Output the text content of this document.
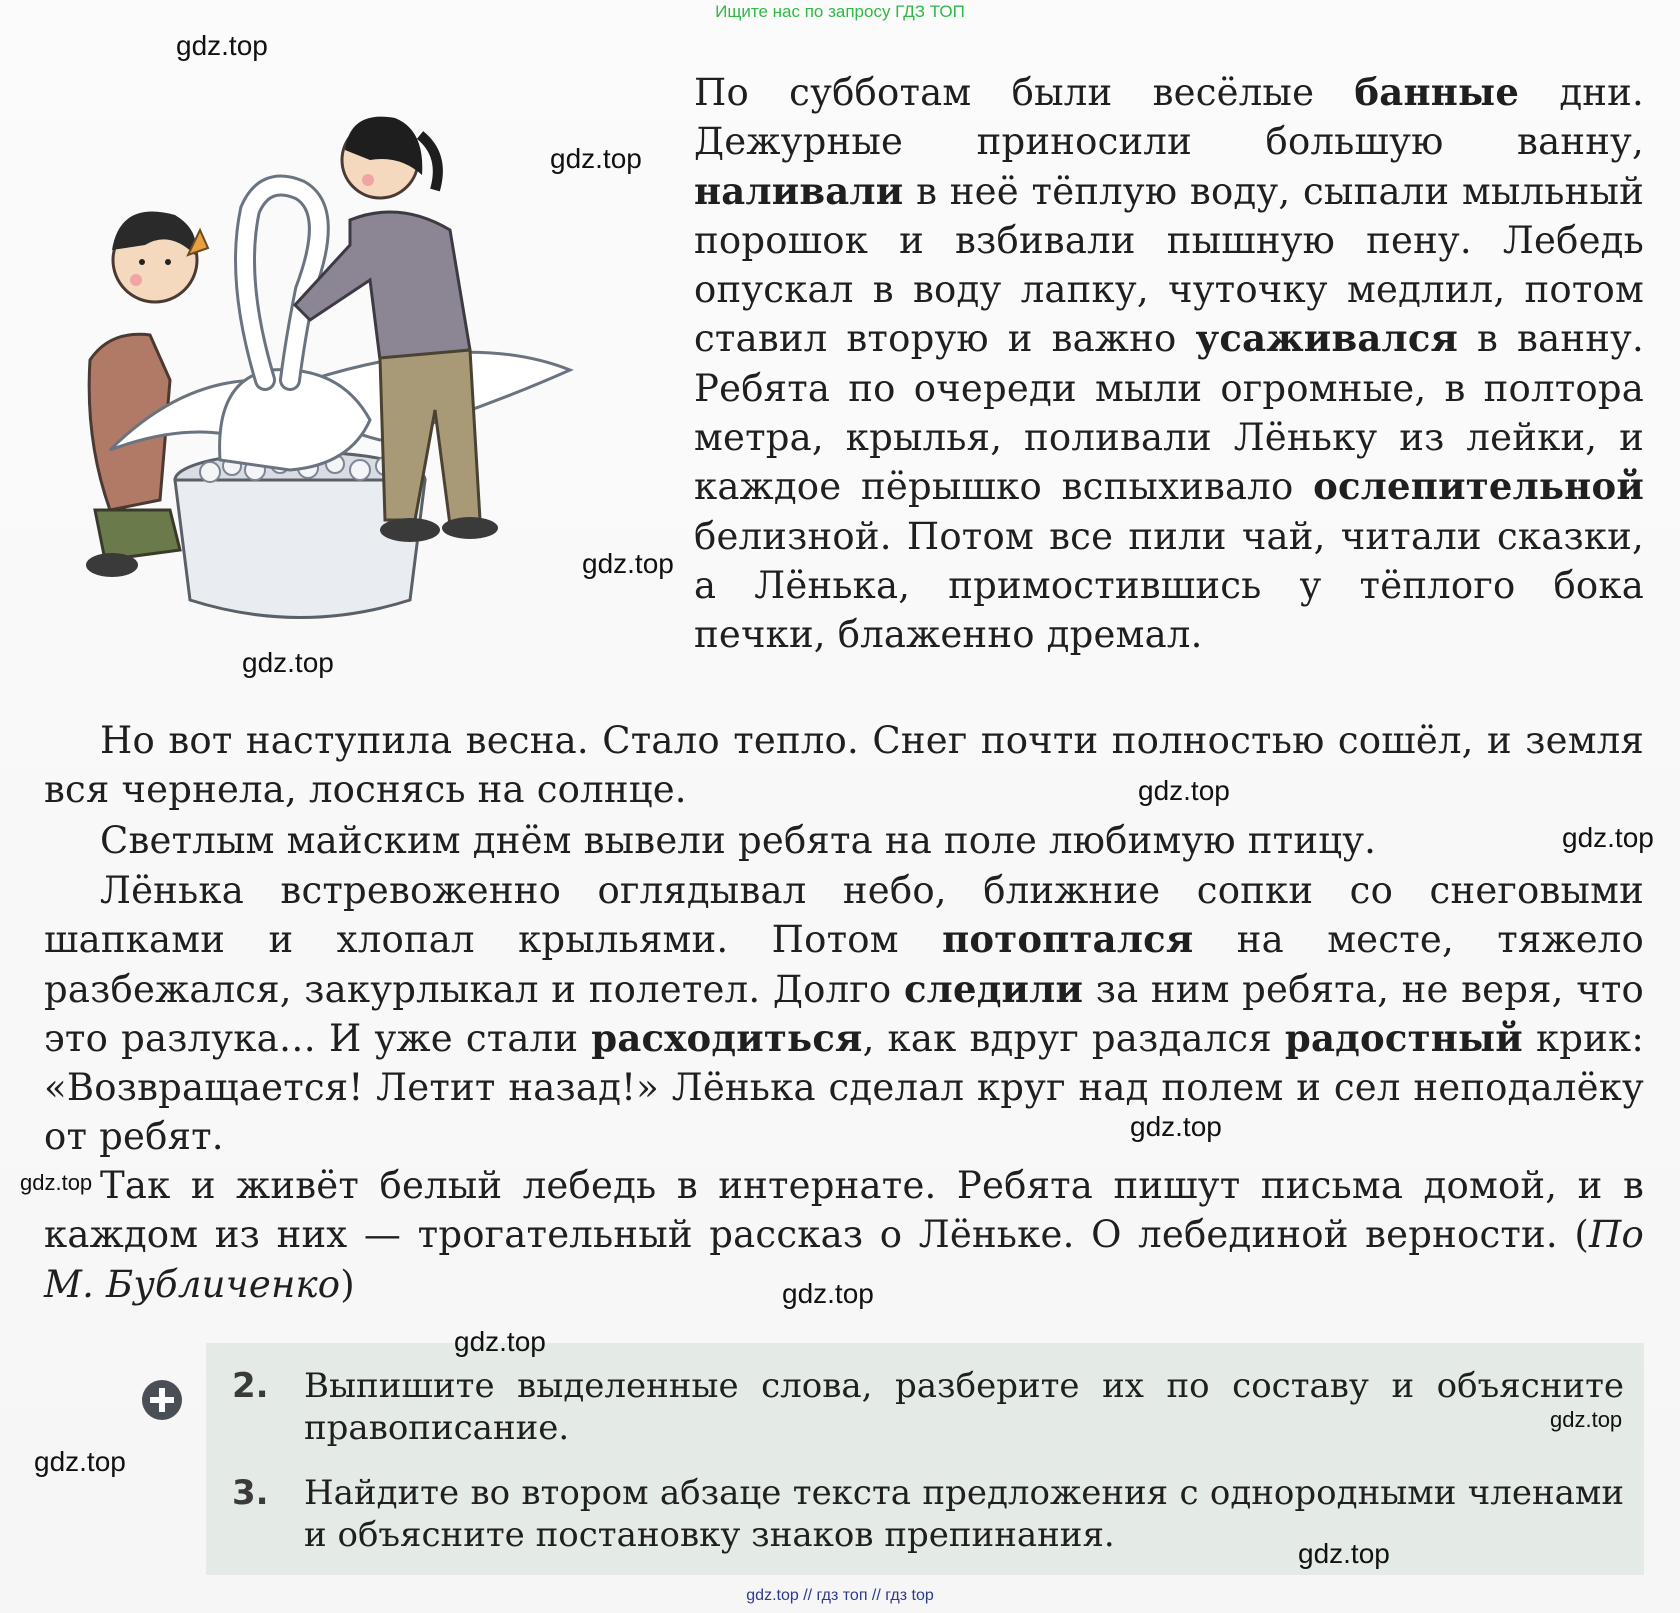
Ищите нас по запросу ГДЗ ТОП
По субботам были весёлые банные дни. Дежурные приносили большую ванну, наливали в неё тёплую воду, сыпали мыльный порошок и взбивали пышную пену. Лебедь опускал в воду лапку, чуточку медлил, потом ставил вторую и важно усаживался в ванну. Ребята по очереди мыли огромные, в полтора метра, крылья, поливали Лёньку из лейки, и каждое пёрышко вспыхивало ослепительной белизной. Потом все пили чай, читали сказки, а Лёнька, примостившись у тёплого бока печки, блаженно дремал.
Но вот наступила весна. Стало тепло. Снег почти полностью сошёл, и земля вся чернела, лоснясь на солнце.
Светлым майским днём вывели ребята на поле любимую птицу.
Лёнька встревоженно оглядывал небо, ближние сопки со снеговыми шапками и хлопал крыльями. Потом потоптался на месте, тяжело разбежался, закурлыкал и полетел. Долго следили за ним ребята, не веря, что это разлука… И уже стали расходиться, как вдруг раздался радостный крик: «Возвращается! Летит назад!» Лёнька сделал круг над полем и сел неподалёку от ребят.
Так и живёт белый лебедь в интернате. Ребята пишут письма домой, и в каждом из них — трогательный рассказ о Лёньке. О лебединой верности. (По М. Бубличенко)
2. Выпишите выделенные слова, разберите их по составу и объясните правописание.
3. Найдите во втором абзаце текста предложения с однородными членами и объясните постановку знаков препинания.
gdz.top
gdz.top
gdz.top
gdz.top
gdz.top
gdz.top
gdz.top
gdz.top
gdz.top
gdz.top
gdz.top
gdz.top
gdz.top
gdz.top // гдз топ // гдз top
